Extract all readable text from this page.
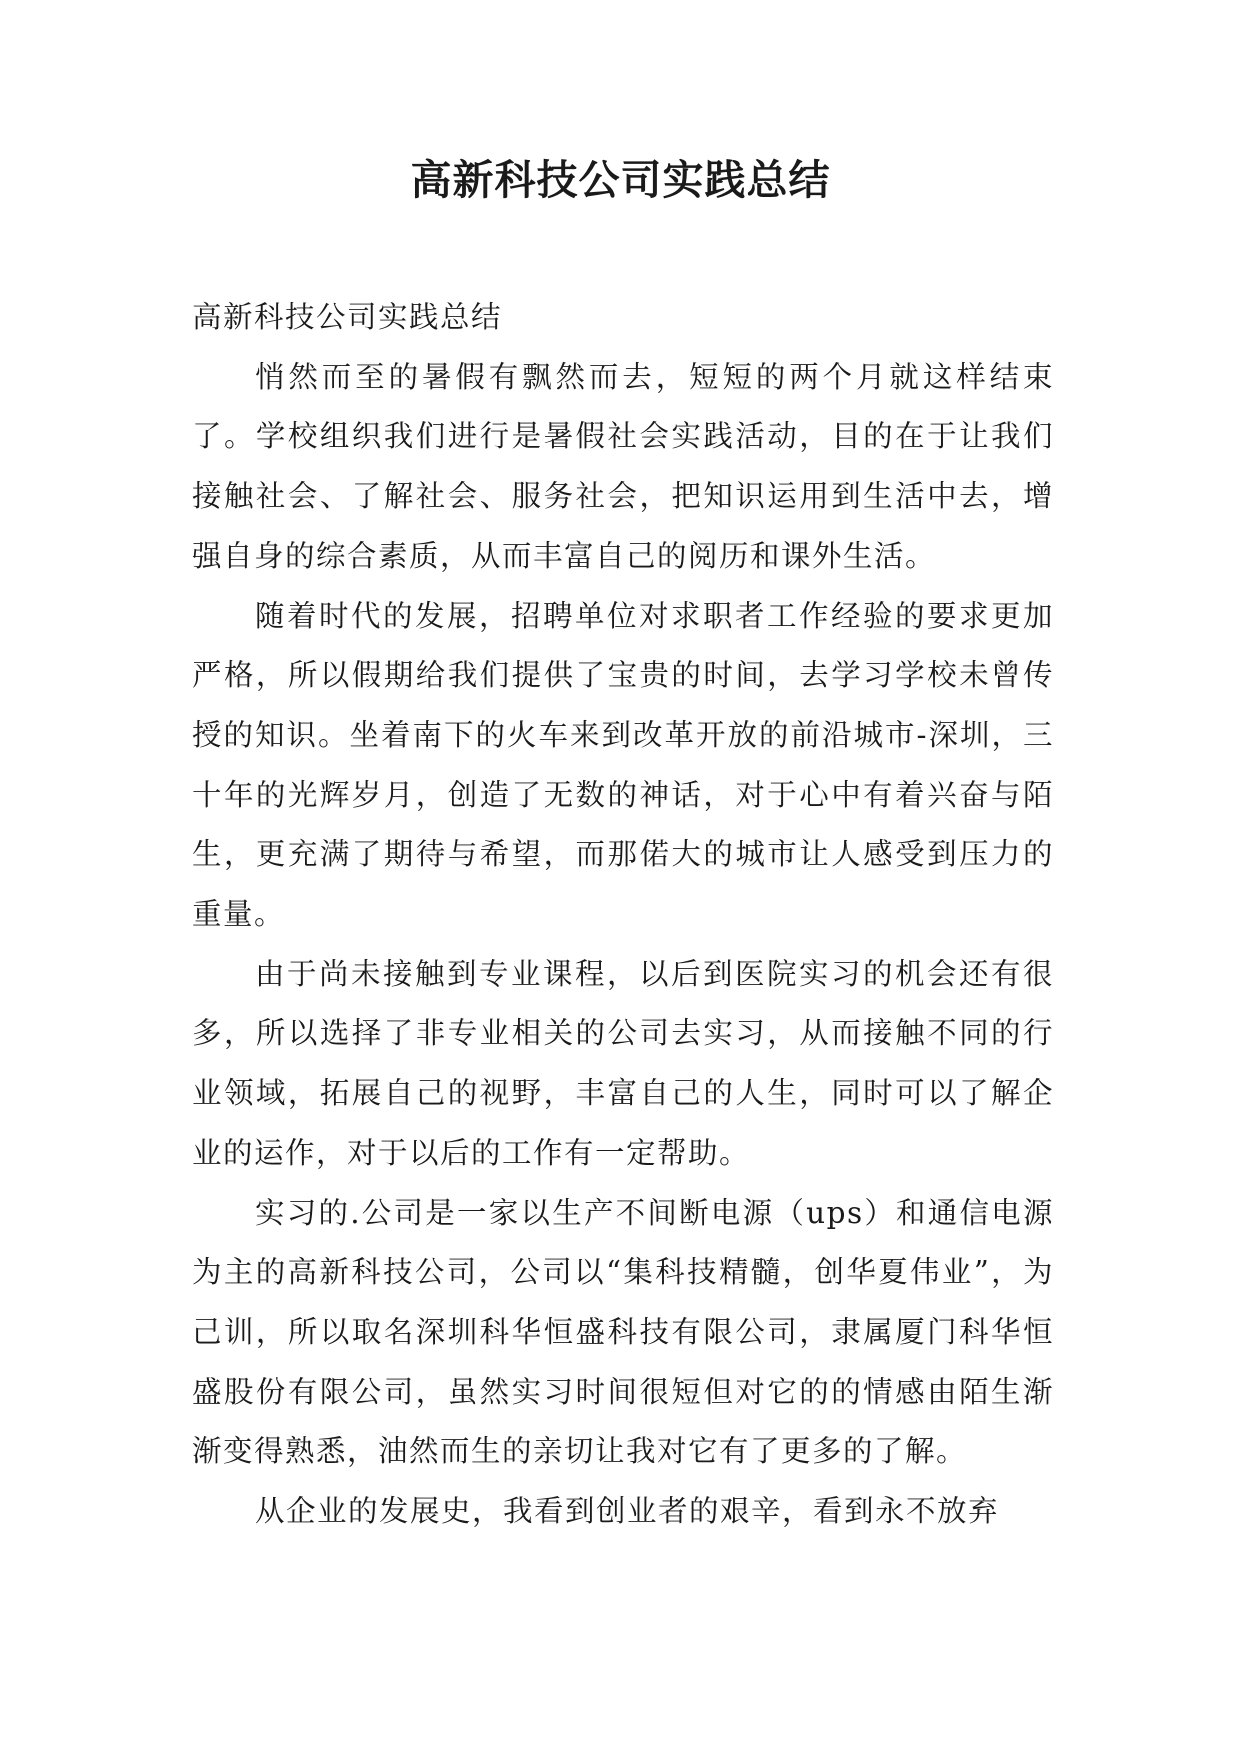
高新科技公司实践总结

高新科技公司实践总结

悄然而至的暑假有飘然而去，短短的两个月就这样结束了。学校组织我们进行是暑假社会实践活动，目的在于让我们接触社会、了解社会、服务社会，把知识运用到生活中去，增强自身的综合素质，从而丰富自己的阅历和课外生活。

随着时代的发展，招聘单位对求职者工作经验的要求更加严格，所以假期给我们提供了宝贵的时间，去学习学校未曾传授的知识。坐着南下的火车来到改革开放的前沿城市-深圳，三十年的光辉岁月，创造了无数的神话，对于心中有着兴奋与陌生，更充满了期待与希望，而那偌大的城市让人感受到压力的重量。

由于尚未接触到专业课程，以后到医院实习的机会还有很多，所以选择了非专业相关的公司去实习，从而接触不同的行业领域，拓展自己的视野，丰富自己的人生，同时可以了解企业的运作，对于以后的工作有一定帮助。

实习的.公司是一家以生产不间断电源（ups）和通信电源为主的高新科技公司，公司以“集科技精髓，创华夏伟业”，为己训，所以取名深圳科华恒盛科技有限公司，隶属厦门科华恒盛股份有限公司，虽然实习时间很短但对它的的情感由陌生渐渐变得熟悉，油然而生的亲切让我对它有了更多的了解。

从企业的发展史，我看到创业者的艰辛，看到永不放弃
